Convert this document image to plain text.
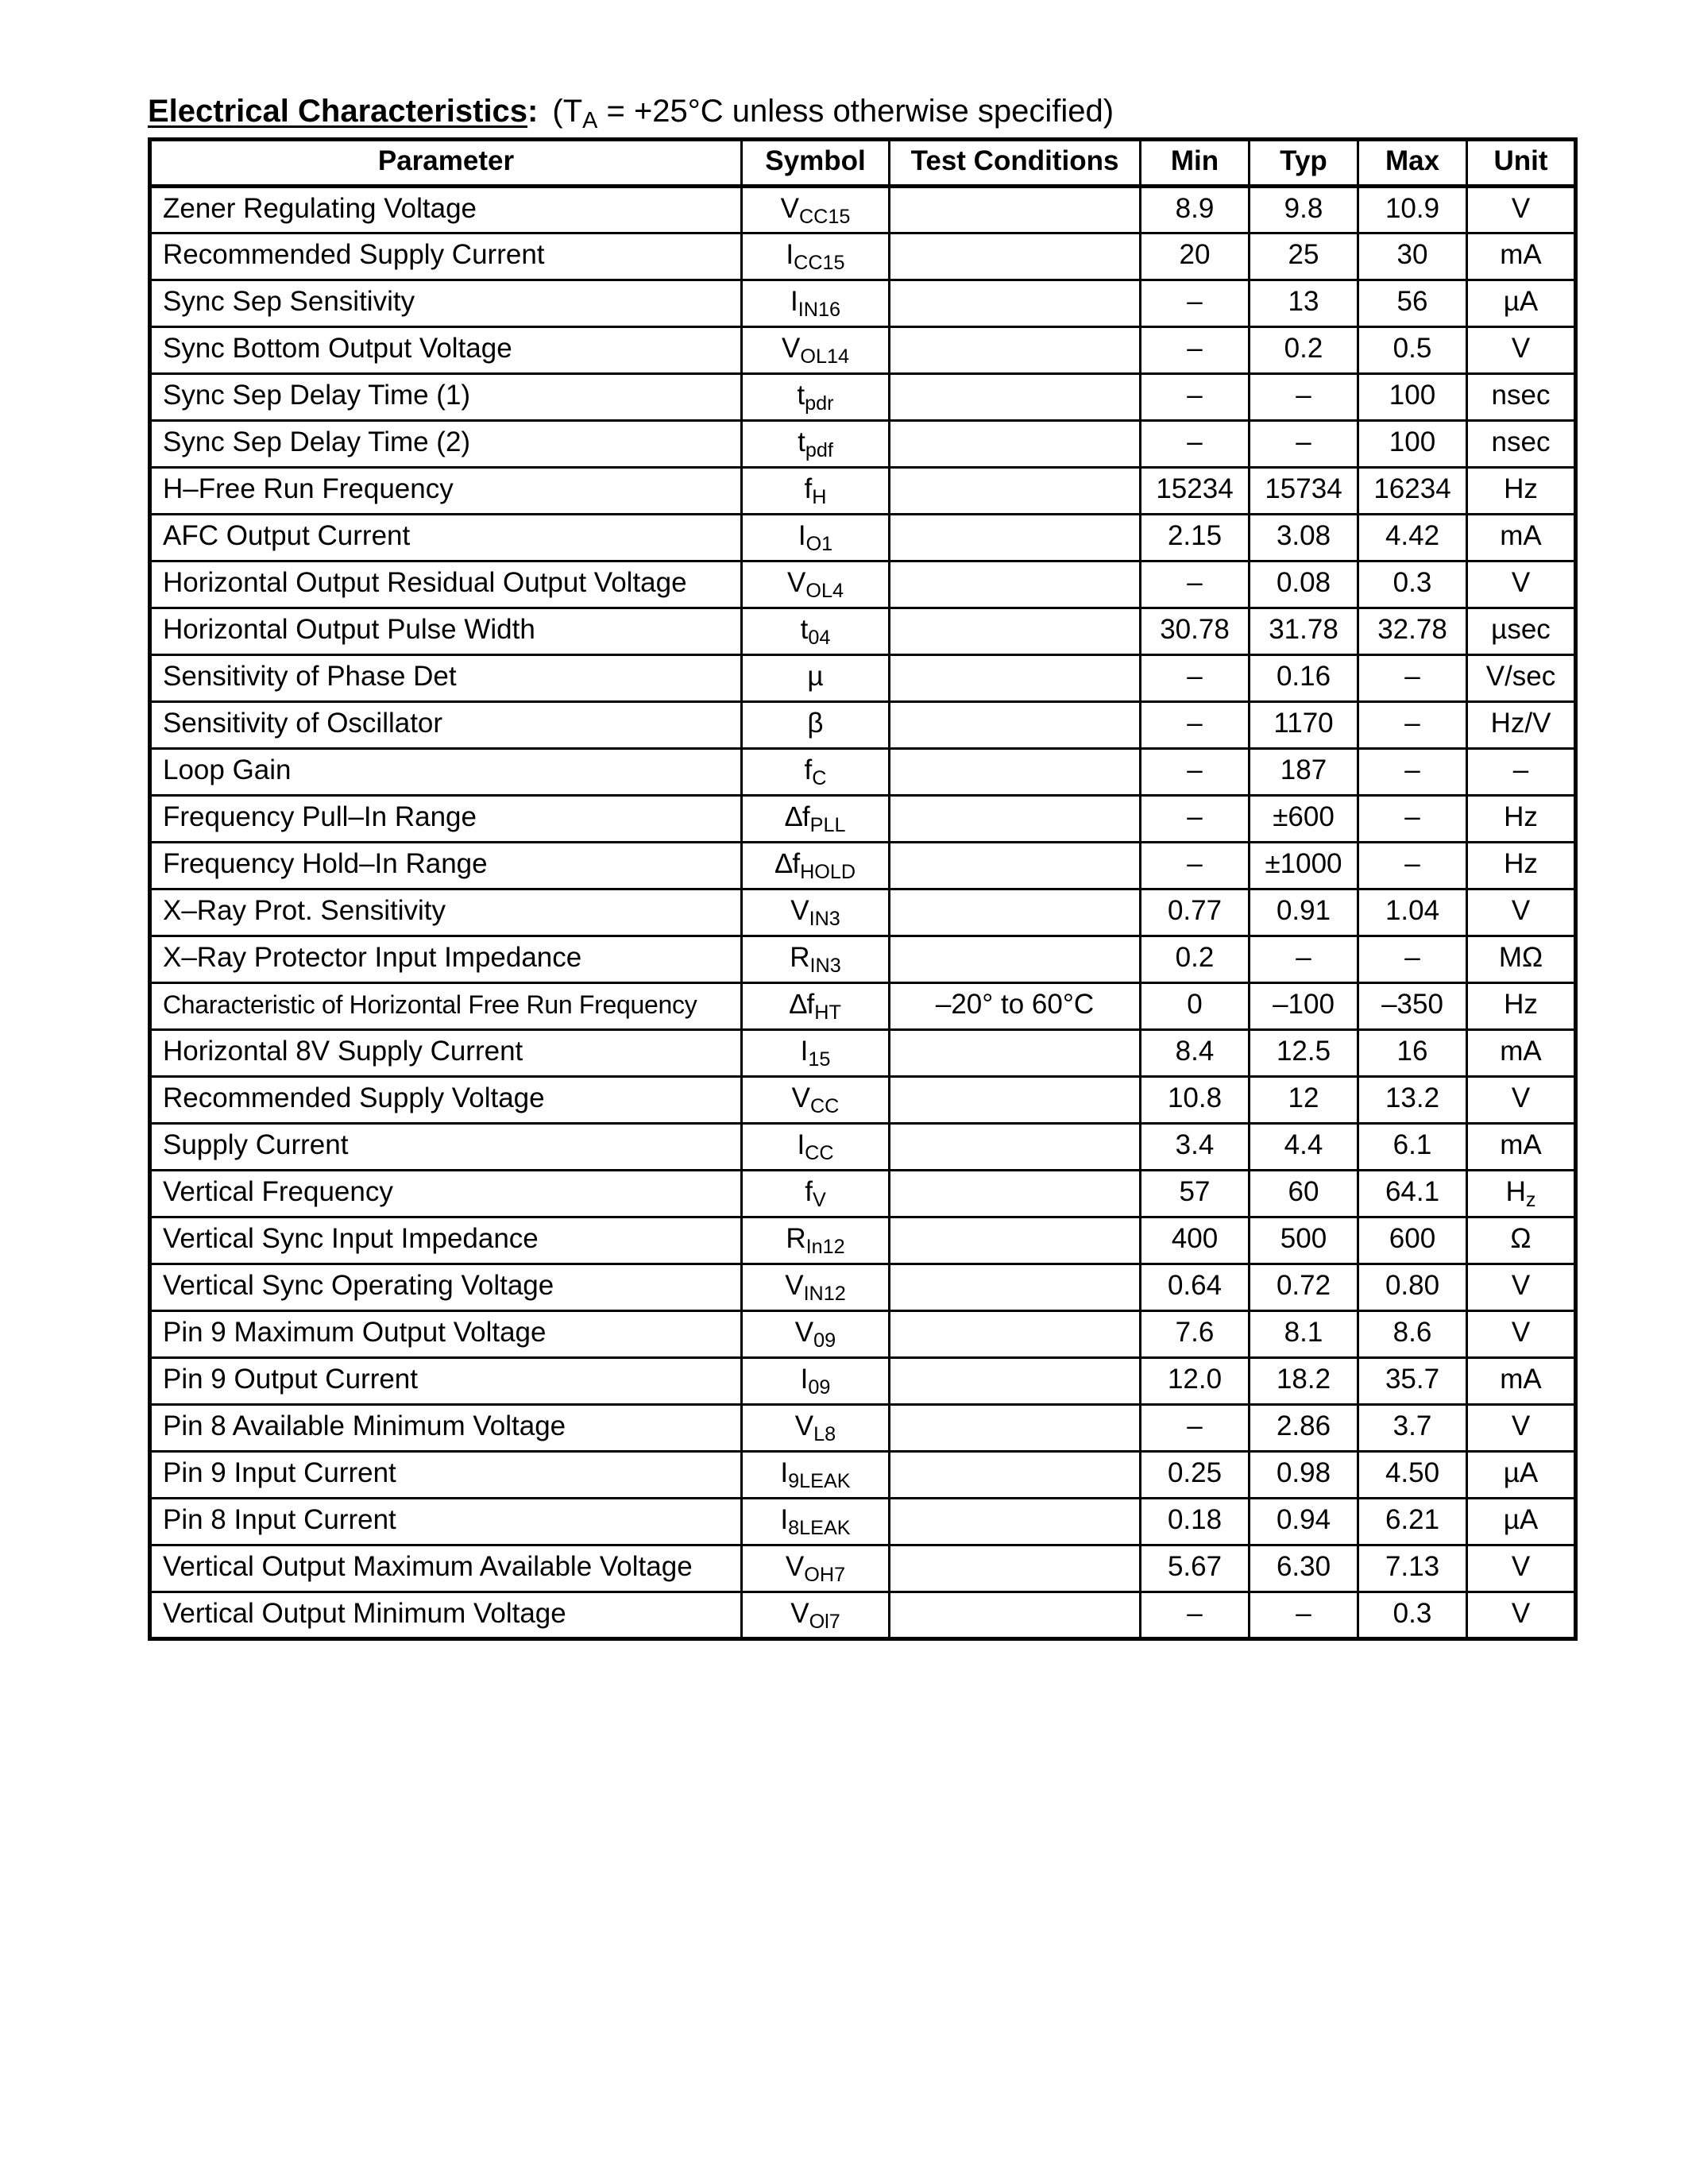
Electrical Characteristics: ($T_A = +25^\circ C$ unless otherwise specified)
Parameter	Symbol	Test Conditions	Min	Typ	Max	Unit
Zener Regulating Voltage	$V_{CC15}$		8.9	9.8	10.9	V
Recommended Supply Current	$I_{CC15}$		20	25	30	mA
Sync Sep Sensitivity	$I_{IN16}$		–	13	56	µA
Sync Bottom Output Voltage	$V_{OL14}$		–	0.2	0.5	V
Sync Sep Delay Time (1)	$t_{pdr}$		–	–	100	nsec
Sync Sep Delay Time (2)	$t_{pdf}$		–	–	100	nsec
H–Free Run Frequency	$f_H$		15234	15734	16234	Hz
AFC Output Current	$I_{O1}$		2.15	3.08	4.42	mA
Horizontal Output Residual Output Voltage	$V_{OL4}$		–	0.08	0.3	V
Horizontal Output Pulse Width	$t_{04}$		30.78	31.78	32.78	µsec
Sensitivity of Phase Det	µ		–	0.16	–	V/sec
Sensitivity of Oscillator	β		–	1170	–	Hz/V
Loop Gain	$f_C$		–	187	–	–
Frequency Pull–In Range	$\Delta f_{PLL}$		–	±600	–	Hz
Frequency Hold–In Range	$\Delta f_{HOLD}$		–	±1000	–	Hz
X–Ray Prot. Sensitivity	$V_{IN3}$		0.77	0.91	1.04	V
X–Ray Protector Input Impedance	$R_{IN3}$		0.2	–	–	MΩ
Characteristic of Horizontal Free Run Frequency	$\Delta f_{HT}$	–20° to 60°C	0	–100	–350	Hz
Horizontal 8V Supply Current	$I_{15}$		8.4	12.5	16	mA
Recommended Supply Voltage	$V_{CC}$		10.8	12	13.2	V
Supply Current	$I_{CC}$		3.4	4.4	6.1	mA
Vertical Frequency	$f_V$		57	60	64.1	$H_z$
Vertical Sync Input Impedance	$R_{In12}$		400	500	600	Ω
Vertical Sync Operating Voltage	$V_{IN12}$		0.64	0.72	0.80	V
Pin 9 Maximum Output Voltage	$V_{09}$		7.6	8.1	8.6	V
Pin 9 Output Current	$I_{09}$		12.0	18.2	35.7	mA
Pin 8 Available Minimum Voltage	$V_{L8}$		–	2.86	3.7	V
Pin 9 Input Current	$I_{9LEAK}$		0.25	0.98	4.50	µA
Pin 8 Input Current	$I_{8LEAK}$		0.18	0.94	6.21	µA
Vertical Output Maximum Available Voltage	$V_{OH7}$		5.67	6.30	7.13	V
Vertical Output Minimum Voltage	$V_{Ol7}$		–	–	0.3	V
